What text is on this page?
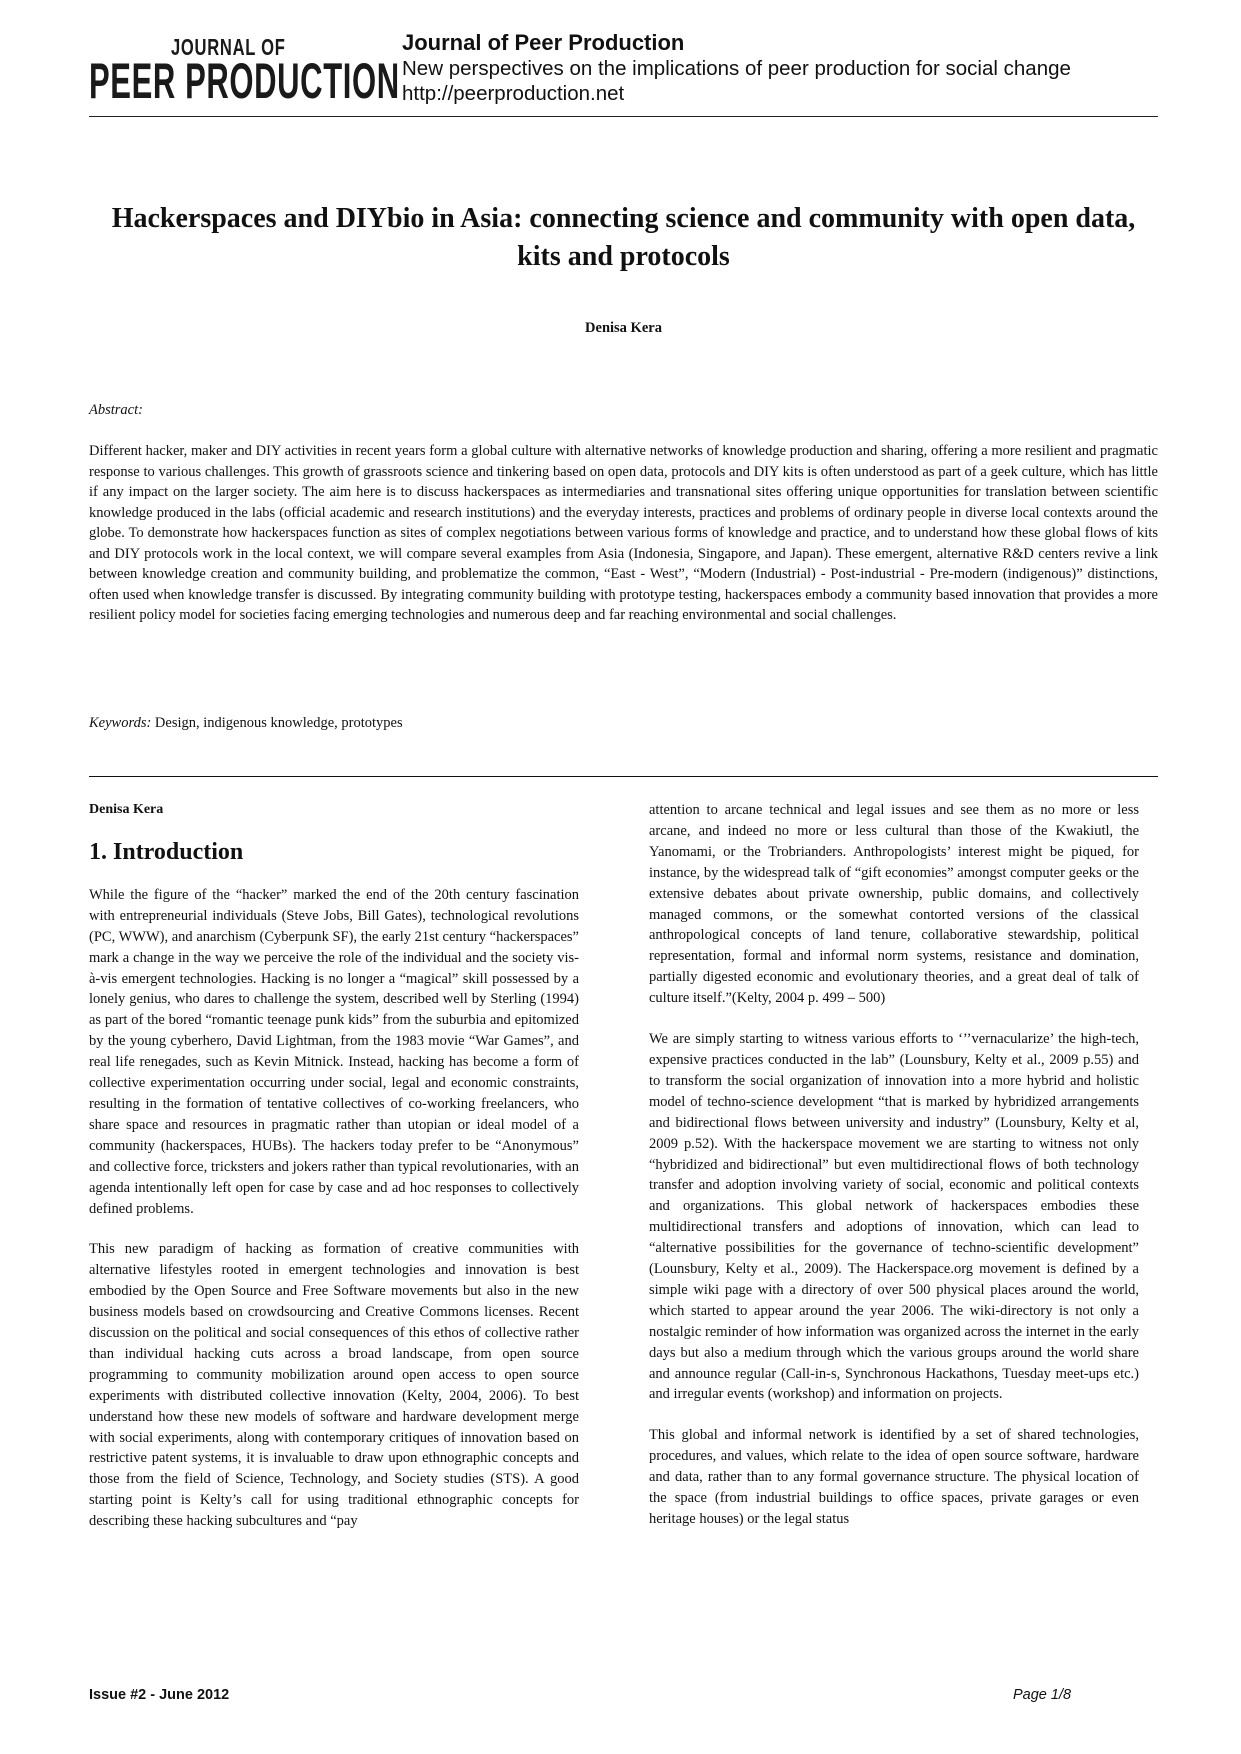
JOURNAL OF
PEER PRODUCTION
Journal of Peer Production
New perspectives on the implications of peer production for social change
http://peerproduction.net
Hackerspaces and DIYbio in Asia: connecting science and community with open data, kits and protocols
Denisa Kera
Abstract:
Different hacker, maker and DIY activities in recent years form a global culture with alternative networks of knowledge production and sharing, offering a more resilient and pragmatic response to various challenges. This growth of grassroots science and tinkering based on open data, protocols and DIY kits is often understood as part of a geek culture, which has little if any impact on the larger society. The aim here is to discuss hackerspaces as intermediaries and transnational sites offering unique opportunities for translation between scientific knowledge produced in the labs (official academic and research institutions) and the everyday interests, practices and problems of ordinary people in diverse local contexts around the globe. To demonstrate how hackerspaces function as sites of complex negotiations between various forms of knowledge and practice, and to understand how these global flows of kits and DIY protocols work in the local context, we will compare several examples from Asia (Indonesia, Singapore, and Japan). These emergent, alternative R&D centers revive a link between knowledge creation and community building, and problematize the common, “East - West”, “Modern (Industrial) - Post-industrial - Pre-modern (indigenous)” distinctions, often used when knowledge transfer is discussed. By integrating community building with prototype testing, hackerspaces embody a community based innovation that provides a more resilient policy model for societies facing emerging technologies and numerous deep and far reaching environmental and social challenges.
Keywords: Design, indigenous knowledge, prototypes
Denisa Kera
1. Introduction

While the figure of the “hacker” marked the end of the 20th century fascination with entrepreneurial individuals (Steve Jobs, Bill Gates), technological revolutions (PC, WWW), and anarchism (Cyberpunk SF), the early 21st century “hackerspaces” mark a change in the way we perceive the role of the individual and the society vis-à-vis emergent technologies. Hacking is no longer a “magical” skill possessed by a lonely genius, who dares to challenge the system, described well by Sterling (1994) as part of the bored “romantic teenage punk kids” from the suburbia and epitomized by the young cyberhero, David Lightman, from the 1983 movie “War Games”, and real life renegades, such as Kevin Mitnick. Instead, hacking has become a form of collective experimentation occurring under social, legal and economic constraints, resulting in the formation of tentative collectives of co-working freelancers, who share space and resources in pragmatic rather than utopian or ideal model of a community (hackerspaces, HUBs). The hackers today prefer to be “Anonymous” and collective force, tricksters and jokers rather than typical revolutionaries, with an agenda intentionally left open for case by case and ad hoc responses to collectively defined problems.

This new paradigm of hacking as formation of creative communities with alternative lifestyles rooted in emergent technologies and innovation is best embodied by the Open Source and Free Software movements but also in the new business models based on crowdsourcing and Creative Commons licenses. Recent discussion on the political and social consequences of this ethos of collective rather than individual hacking cuts across a broad landscape, from open source programming to community mobilization around open access to open source experiments with distributed collective innovation (Kelty, 2004, 2006). To best understand how these new models of software and hardware development merge with social experiments, along with contemporary critiques of innovation based on restrictive patent systems, it is invaluable to draw upon ethnographic concepts and those from the field of Science, Technology, and Society studies (STS). A good starting point is Kelty’s call for using traditional ethnographic concepts for describing these hacking subcultures and “pay

attention to arcane technical and legal issues and see them as no more or less arcane, and indeed no more or less cultural than those of the Kwakiutl, the Yanomami, or the Trobrianders. Anthropologists’ interest might be piqued, for instance, by the widespread talk of “gift economies” amongst computer geeks or the extensive debates about private ownership, public domains, and collectively managed commons, or the somewhat contorted versions of the classical anthropological concepts of land tenure, collaborative stewardship, political representation, formal and informal norm systems, resistance and domination, partially digested economic and evolutionary theories, and a great deal of talk of culture itself.”(Kelty, 2004 p. 499 – 500)

We are simply starting to witness various efforts to ‘’’vernacularize’ the high-tech, expensive practices conducted in the lab” (Lounsbury, Kelty et al., 2009 p.55) and to transform the social organization of innovation into a more hybrid and holistic model of techno-science development “that is marked by hybridized arrangements and bidirectional flows between university and industry” (Lounsbury, Kelty et al, 2009 p.52). With the hackerspace movement we are starting to witness not only “hybridized and bidirectional” but even multidirectional flows of both technology transfer and adoption involving variety of social, economic and political contexts and organizations. This global network of hackerspaces embodies these multidirectional transfers and adoptions of innovation, which can lead to “alternative possibilities for the governance of techno-scientific development” (Lounsbury, Kelty et al., 2009). The Hackerspace.org movement is defined by a simple wiki page with a directory of over 500 physical places around the world, which started to appear around the year 2006. The wiki-directory is not only a nostalgic reminder of how information was organized across the internet in the early days but also a medium through which the various groups around the world share and announce regular (Call-in-s, Synchronous Hackathons, Tuesday meet-ups etc.) and irregular events (workshop) and information on projects.

This global and informal network is identified by a set of shared technologies, procedures, and values, which relate to the idea of open source software, hardware and data, rather than to any formal governance structure. The physical location of the space (from industrial buildings to office spaces, private garages or even heritage houses) or the legal status

Issue #2 - June 2012	Page 1/8
